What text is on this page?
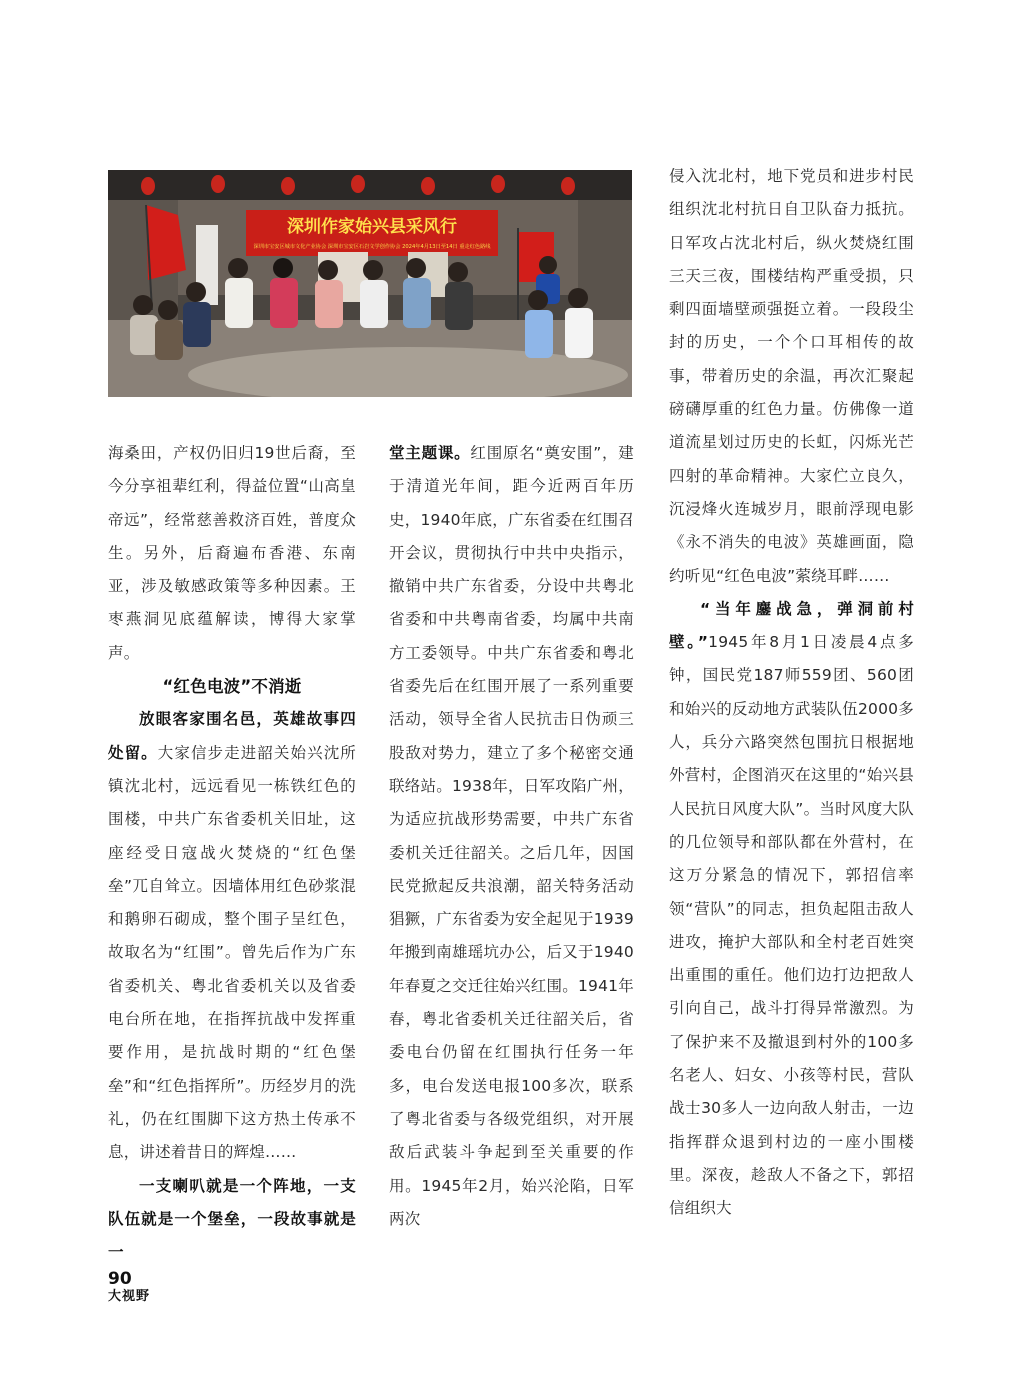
深圳作家始兴县采风行
深圳市宝安区城市文化产业协会 深圳市宝安区石岩文学创作协会 2024年4月13日至14日 重走红色路线

海桑田，产权仍旧归19世后裔，至今分享祖辈红利，得益位置“山高皇帝远”，经常慈善救济百姓，普度众生。另外，后裔遍布香港、东南亚，涉及敏感政策等多种因素。王枣燕洞见底蕴解读，博得大家掌声。

“红色电波”不消逝

放眼客家围名邑，英雄故事四处留。大家信步走进韶关始兴沈所镇沈北村，远远看见一栋铁红色的围楼，中共广东省委机关旧址，这座经受日寇战火焚烧的“红色堡垒”兀自耸立。因墙体用红色砂浆混和鹅卵石砌成，整个围子呈红色，故取名为“红围”。曾先后作为广东省委机关、粤北省委机关以及省委电台所在地，在指挥抗战中发挥重要作用，是抗战时期的“红色堡垒”和“红色指挥所”。历经岁月的洗礼，仍在红围脚下这方热土传承不息，讲述着昔日的辉煌……

一支喇叭就是一个阵地，一支队伍就是一个堡垒，一段故事就是一

堂主题课。红围原名“奠安围”，建于清道光年间，距今近两百年历史，1940年底，广东省委在红围召开会议，贯彻执行中共中央指示，撤销中共广东省委，分设中共粤北省委和中共粤南省委，均属中共南方工委领导。中共广东省委和粤北省委先后在红围开展了一系列重要活动，领导全省人民抗击日伪顽三股敌对势力，建立了多个秘密交通联络站。1938年，日军攻陷广州，为适应抗战形势需要，中共广东省委机关迁往韶关。之后几年，因国民党掀起反共浪潮，韶关特务活动猖獗，广东省委为安全起见于1939年搬到南雄瑶坑办公，后又于1940年春夏之交迁往始兴红围。1941年春，粤北省委机关迁往韶关后，省委电台仍留在红围执行任务一年多，电台发送电报100多次，联系了粤北省委与各级党组织，对开展敌后武装斗争起到至关重要的作用。1945年2月，始兴沦陷，日军两次

侵入沈北村，地下党员和进步村民组织沈北村抗日自卫队奋力抵抗。日军攻占沈北村后，纵火焚烧红围三天三夜，围楼结构严重受损，只剩四面墙壁顽强挺立着。一段段尘封的历史，一个个口耳相传的故事，带着历史的余温，再次汇聚起磅礴厚重的红色力量。仿佛像一道道流星划过历史的长虹，闪烁光芒四射的革命精神。大家伫立良久，沉浸烽火连城岁月，眼前浮现电影《永不消失的电波》英雄画面，隐约听见“红色电波”萦绕耳畔……

“当年鏖战急，弹洞前村壁。”1945年8月1日凌晨4点多钟，国民党187师559团、560团和始兴的反动地方武装队伍2000多人，兵分六路突然包围抗日根据地外营村，企图消灭在这里的“始兴县人民抗日风度大队”。当时风度大队的几位领导和部队都在外营村，在这万分紧急的情况下，郭招信率领“营队”的同志，担负起阻击敌人进攻，掩护大部队和全村老百姓突出重围的重任。他们边打边把敌人引向自己，战斗打得异常激烈。为了保护来不及撤退到村外的100多名老人、妇女、小孩等村民，营队战士30多人一边向敌人射击，一边指挥群众退到村边的一座小围楼里。深夜，趁敌人不备之下，郭招信组织大

90
大视野
